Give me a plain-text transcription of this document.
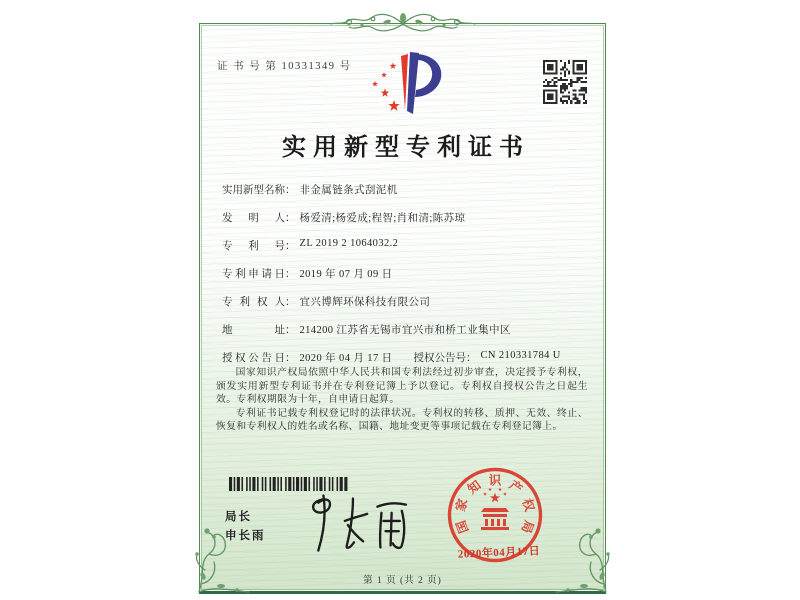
证 书 号 第 10331349 号
实用新型专利证书
实用新型名称： 非金属链条式刮泥机
发明人： 杨爱清;杨爱成;程智;肖和清;陈苏琼
专利号： ZL 2019 2 1064032.2
专利申请日： 2019 年 07 月 09 日
专利权人： 宜兴博辉环保科技有限公司
地址： 214200 江苏省无锡市宜兴市和桥工业集中区
授权公告日： 2020 年 04 月 17 日 授权公告号： CN 210331784 U

国家知识产权局依照中华人民共和国专利法经过初步审查，决定授予专利权，颁发实用新型专利证书并在专利登记簿上予以登记。专利权自授权公告之日起生效。专利权期限为十年，自申请日起算。

专利证书记载专利权登记时的法律状况。专利权的转移、质押、无效、终止、恢复和专利权人的姓名或名称、国籍、地址变更等事项记载在专利登记簿上。

局长
申长雨
国
家
知 识 产
权
局
2020年04月17日
第 1 页 (共 2 页)
